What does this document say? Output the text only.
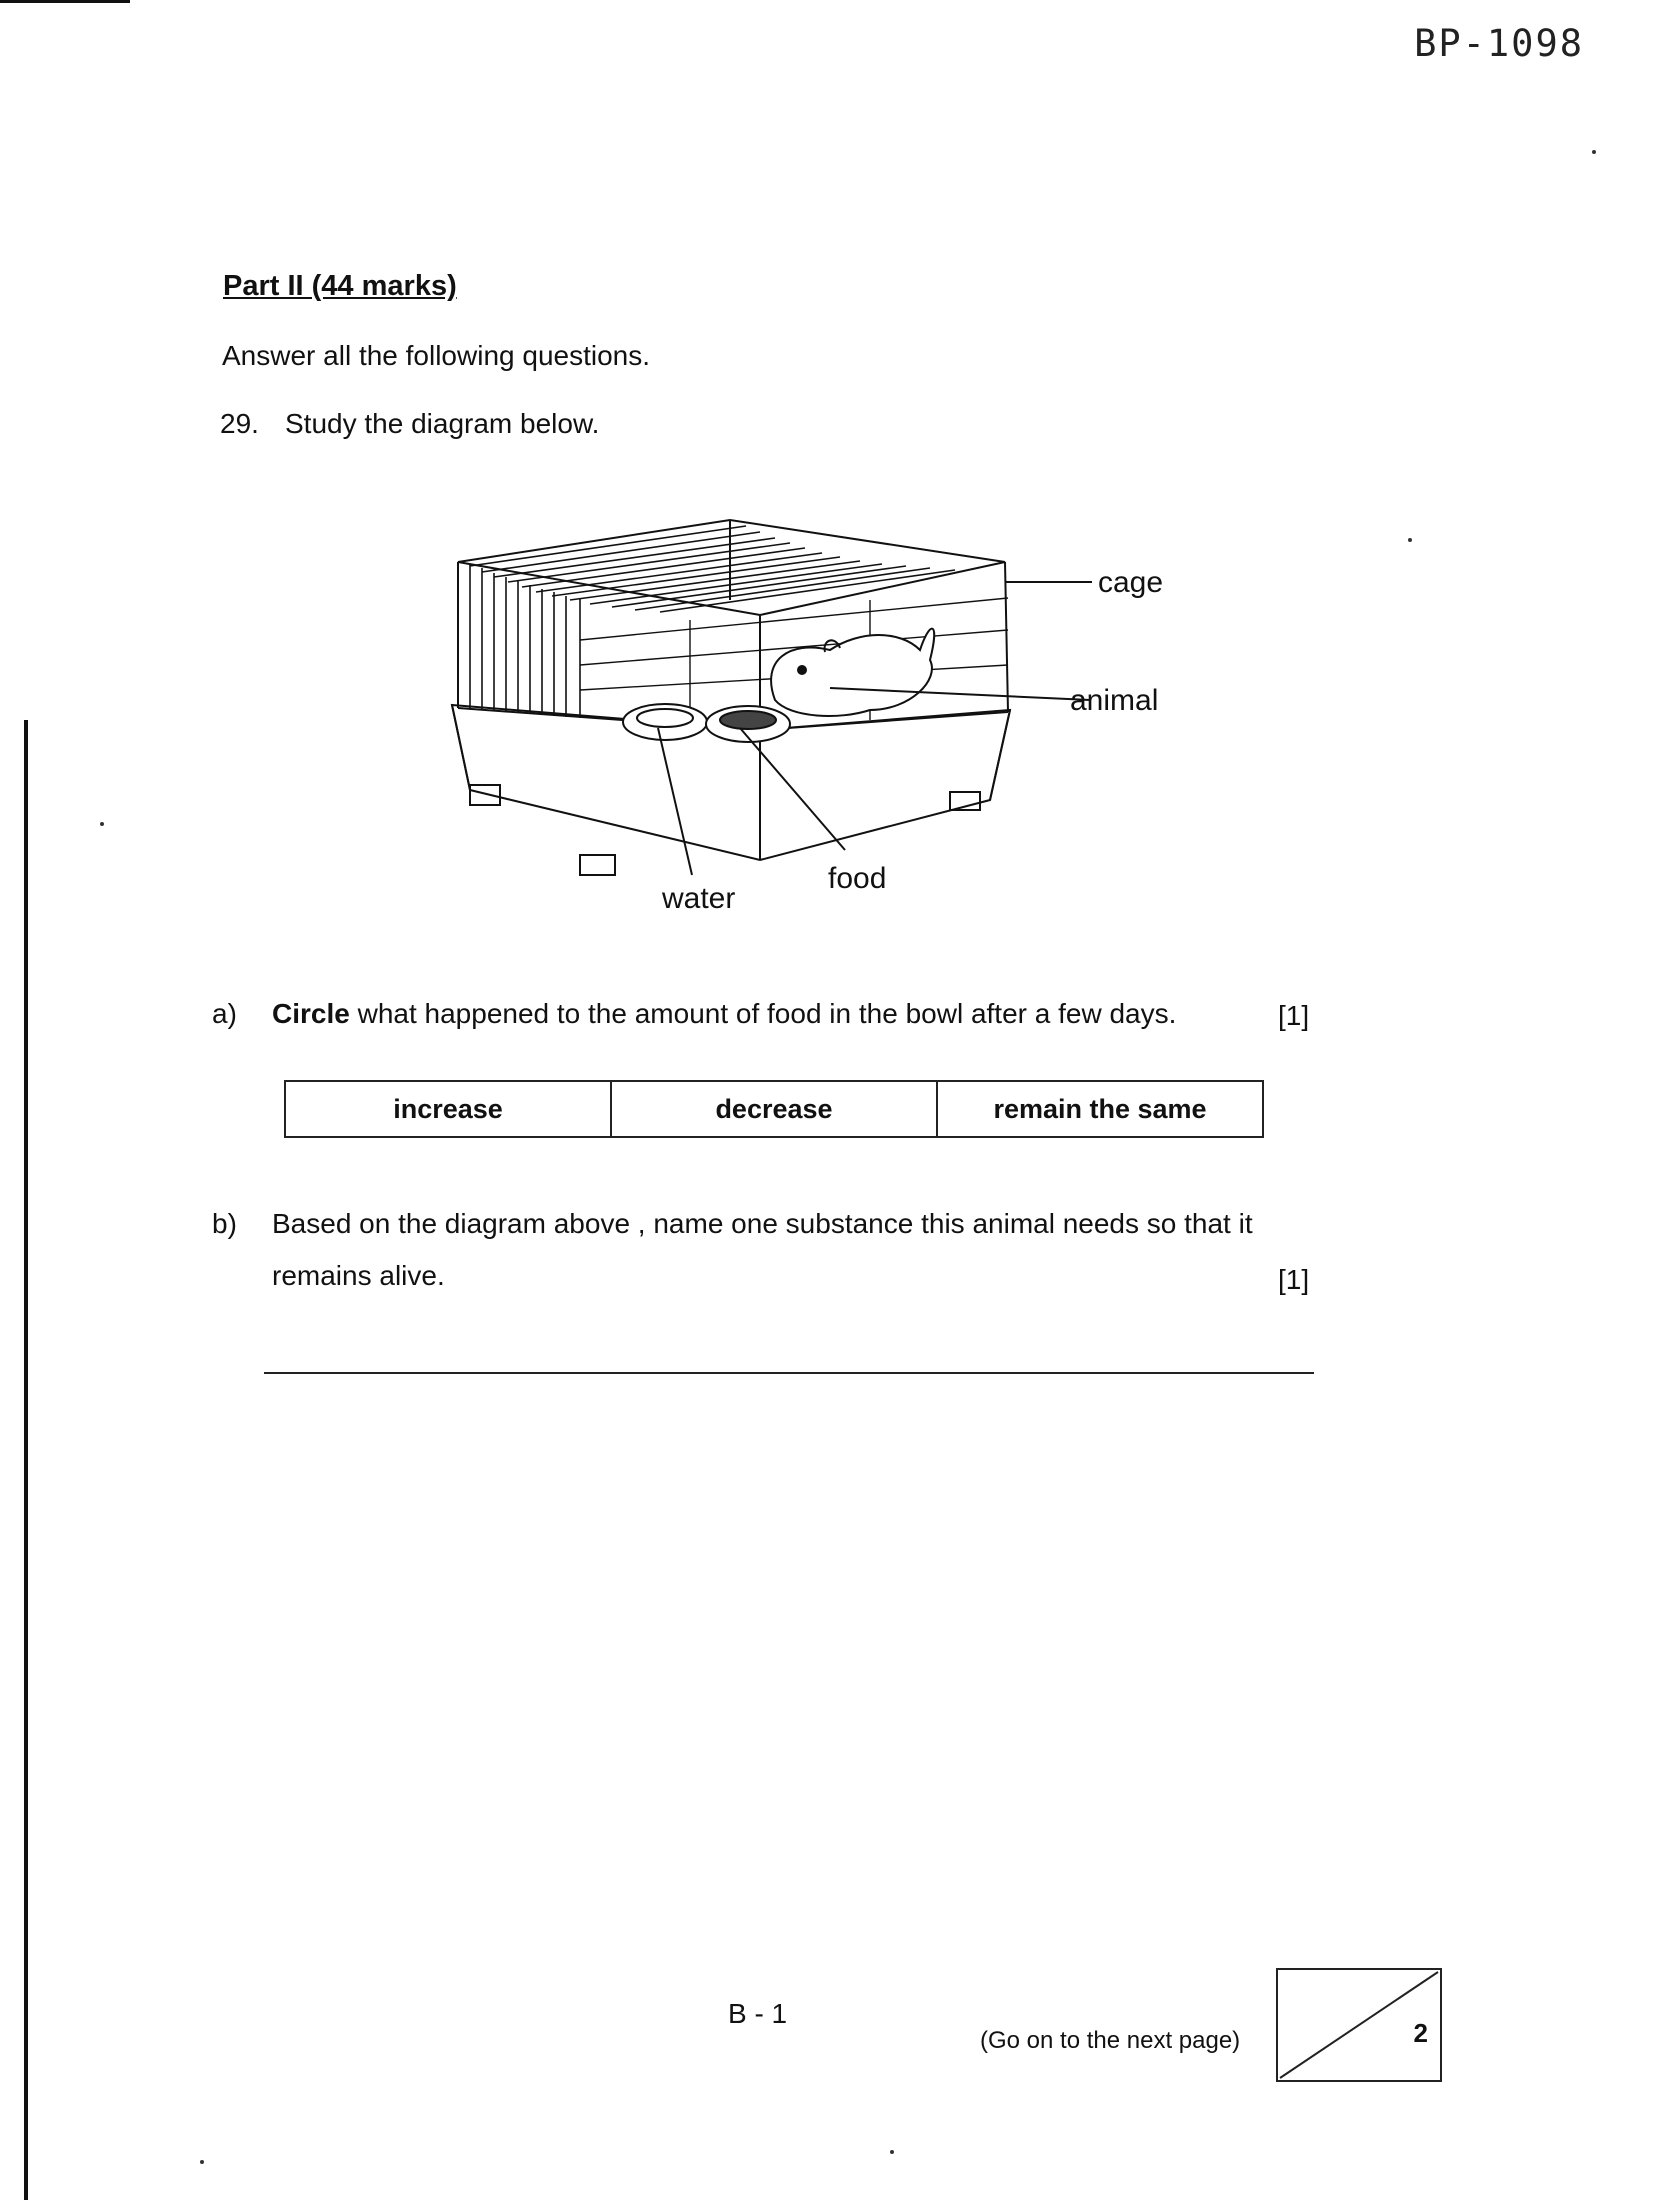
BP-1098
Part II (44 marks)
Answer all the following questions.
29. Study the diagram below.
cage
animal
water
food
a) Circle what happened to the amount of food in the bowl after a few days.	[1]
increase	decrease	remain the same
b) Based on the diagram above , name one substance this animal needs so that it
remains alive.	[1]
B - 1
(Go on to the next page)	2
